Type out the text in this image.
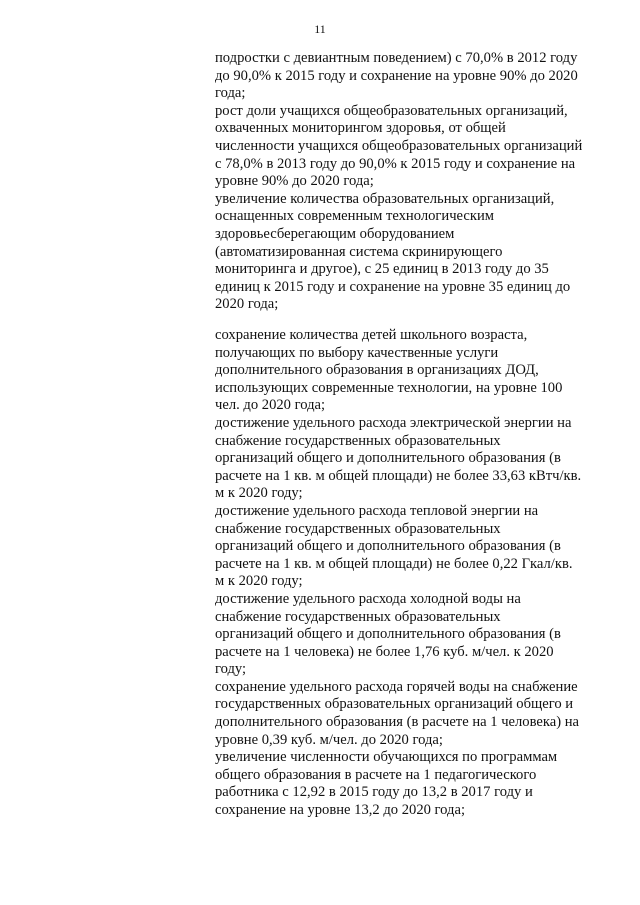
11
подростки с девиантным поведением) с 70,0% в 2012 году
до 90,0% к 2015 году и сохранение на уровне 90% до 2020
года;
рост доли учащихся общеобразовательных организаций,
охваченных мониторингом здоровья, от общей
численности учащихся общеобразовательных организаций
с 78,0% в 2013 году до 90,0% к 2015 году и сохранение на
уровне 90% до 2020 года;
увеличение количества образовательных организаций,
оснащенных современным технологическим
здоровьесберегающим оборудованием
(автоматизированная система скринирующего
мониторинга и другое), с 25 единиц в 2013 году до 35
единиц к 2015 году и сохранение на уровне 35 единиц до
2020 года;
сохранение количества детей школьного возраста,
получающих по выбору качественные услуги
дополнительного образования в организациях ДОД,
использующих современные технологии, на уровне 100
чел. до 2020 года;
достижение удельного расхода электрической энергии на
снабжение государственных образовательных
организаций общего и дополнительного образования (в
расчете на 1 кв. м общей площади) не более 33,63 кВтч/кв.
м к 2020 году;
достижение удельного расхода тепловой энергии на
снабжение государственных образовательных
организаций общего и дополнительного образования (в
расчете на 1 кв. м общей площади) не более 0,22 Гкал/кв.
м к 2020 году;
достижение удельного расхода холодной воды на
снабжение государственных образовательных
организаций общего и дополнительного образования (в
расчете на 1 человека) не более 1,76 куб. м/чел. к 2020
году;
сохранение удельного расхода горячей воды на снабжение
государственных образовательных организаций общего и
дополнительного образования (в расчете на 1 человека) на
уровне 0,39 куб. м/чел. до 2020 года;
увеличение численности обучающихся по программам
общего образования в расчете на 1 педагогического
работника с 12,92 в 2015 году до 13,2 в 2017 году и
сохранение на уровне 13,2 до 2020 года;
